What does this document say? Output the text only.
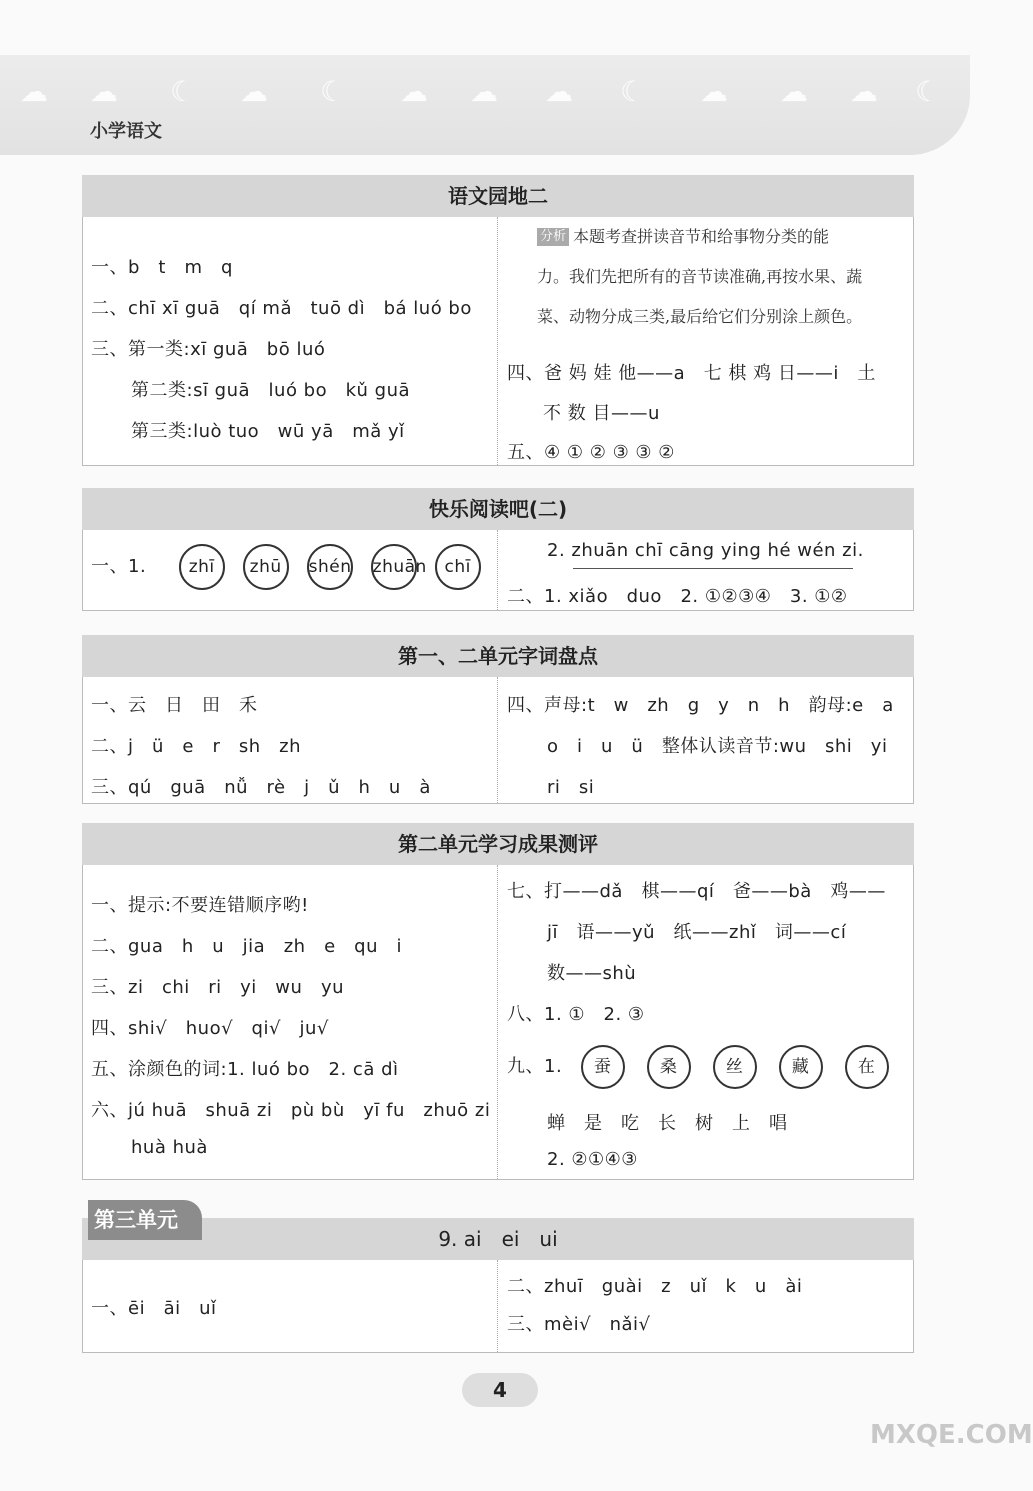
☁ ☁ ☾ ☁ ☾ ☁ ☁ ☁ ☾ ☁ ☁ ☁ ☾
小学语文
语文园地二
一、b　t　m　q
二、chī xī guā　qí mǎ　tuō dì　bá luó bo
三、第一类:xī guā　bō luó
第二类:sī guā　luó bo　kǔ guā
第三类:luò tuo　wū yā　mǎ yǐ
分析 本题考查拼读音节和给事物分类的能
力。我们先把所有的音节读准确,再按水果、蔬
菜、动物分成三类,最后给它们分别涂上颜色。
四、爸 妈 娃 他——a　七 棋 鸡 日——i　土
不 数 目——u
五、④ ① ② ③ ③ ②
快乐阅读吧(二)
一、1.	zhī zhū shén zhuān chī
2. zhuān chī cāng ying hé wén zi.
二、1. xiǎo　duo　2. ①②③④　3. ①②
第一、二单元字词盘点
一、云　日　田　禾
二、j　ü　e　r　sh　zh
三、qú　guā　nǚ　rè　j　ǔ　h　u　à
四、声母:t　w　zh　g　y　n　h　韵母:e　a
o　i　u　ü　整体认读音节:wu　shi　yi
ri　si
第二单元学习成果测评
一、提示:不要连错顺序哟!
二、gua　h　u　jia　zh　e　qu　i
三、zi　chi　ri　yi　wu　yu
四、shi√　huo√　qi√　ju√
五、涂颜色的词:1. luó bo　2. cā dì
六、jú huā　shuā zi　pù bù　yī fu　zhuō zi
huà huà
七、打——dǎ　棋——qí　爸——bà　鸡——
jī　语——yǔ　纸——zhǐ　词——cí
数——shù
八、1. ①　2. ③
九、1. 蚕	桑	丝	藏	在
蝉　是　吃　长　树　上　唱
2. ②①④③
第三单元
9. ai　ei　ui
一、ēi　āi　uǐ
二、zhuī　guài　z　uǐ　k　u　ài
三、mèi√　nǎi√
4
MXQE.COM
